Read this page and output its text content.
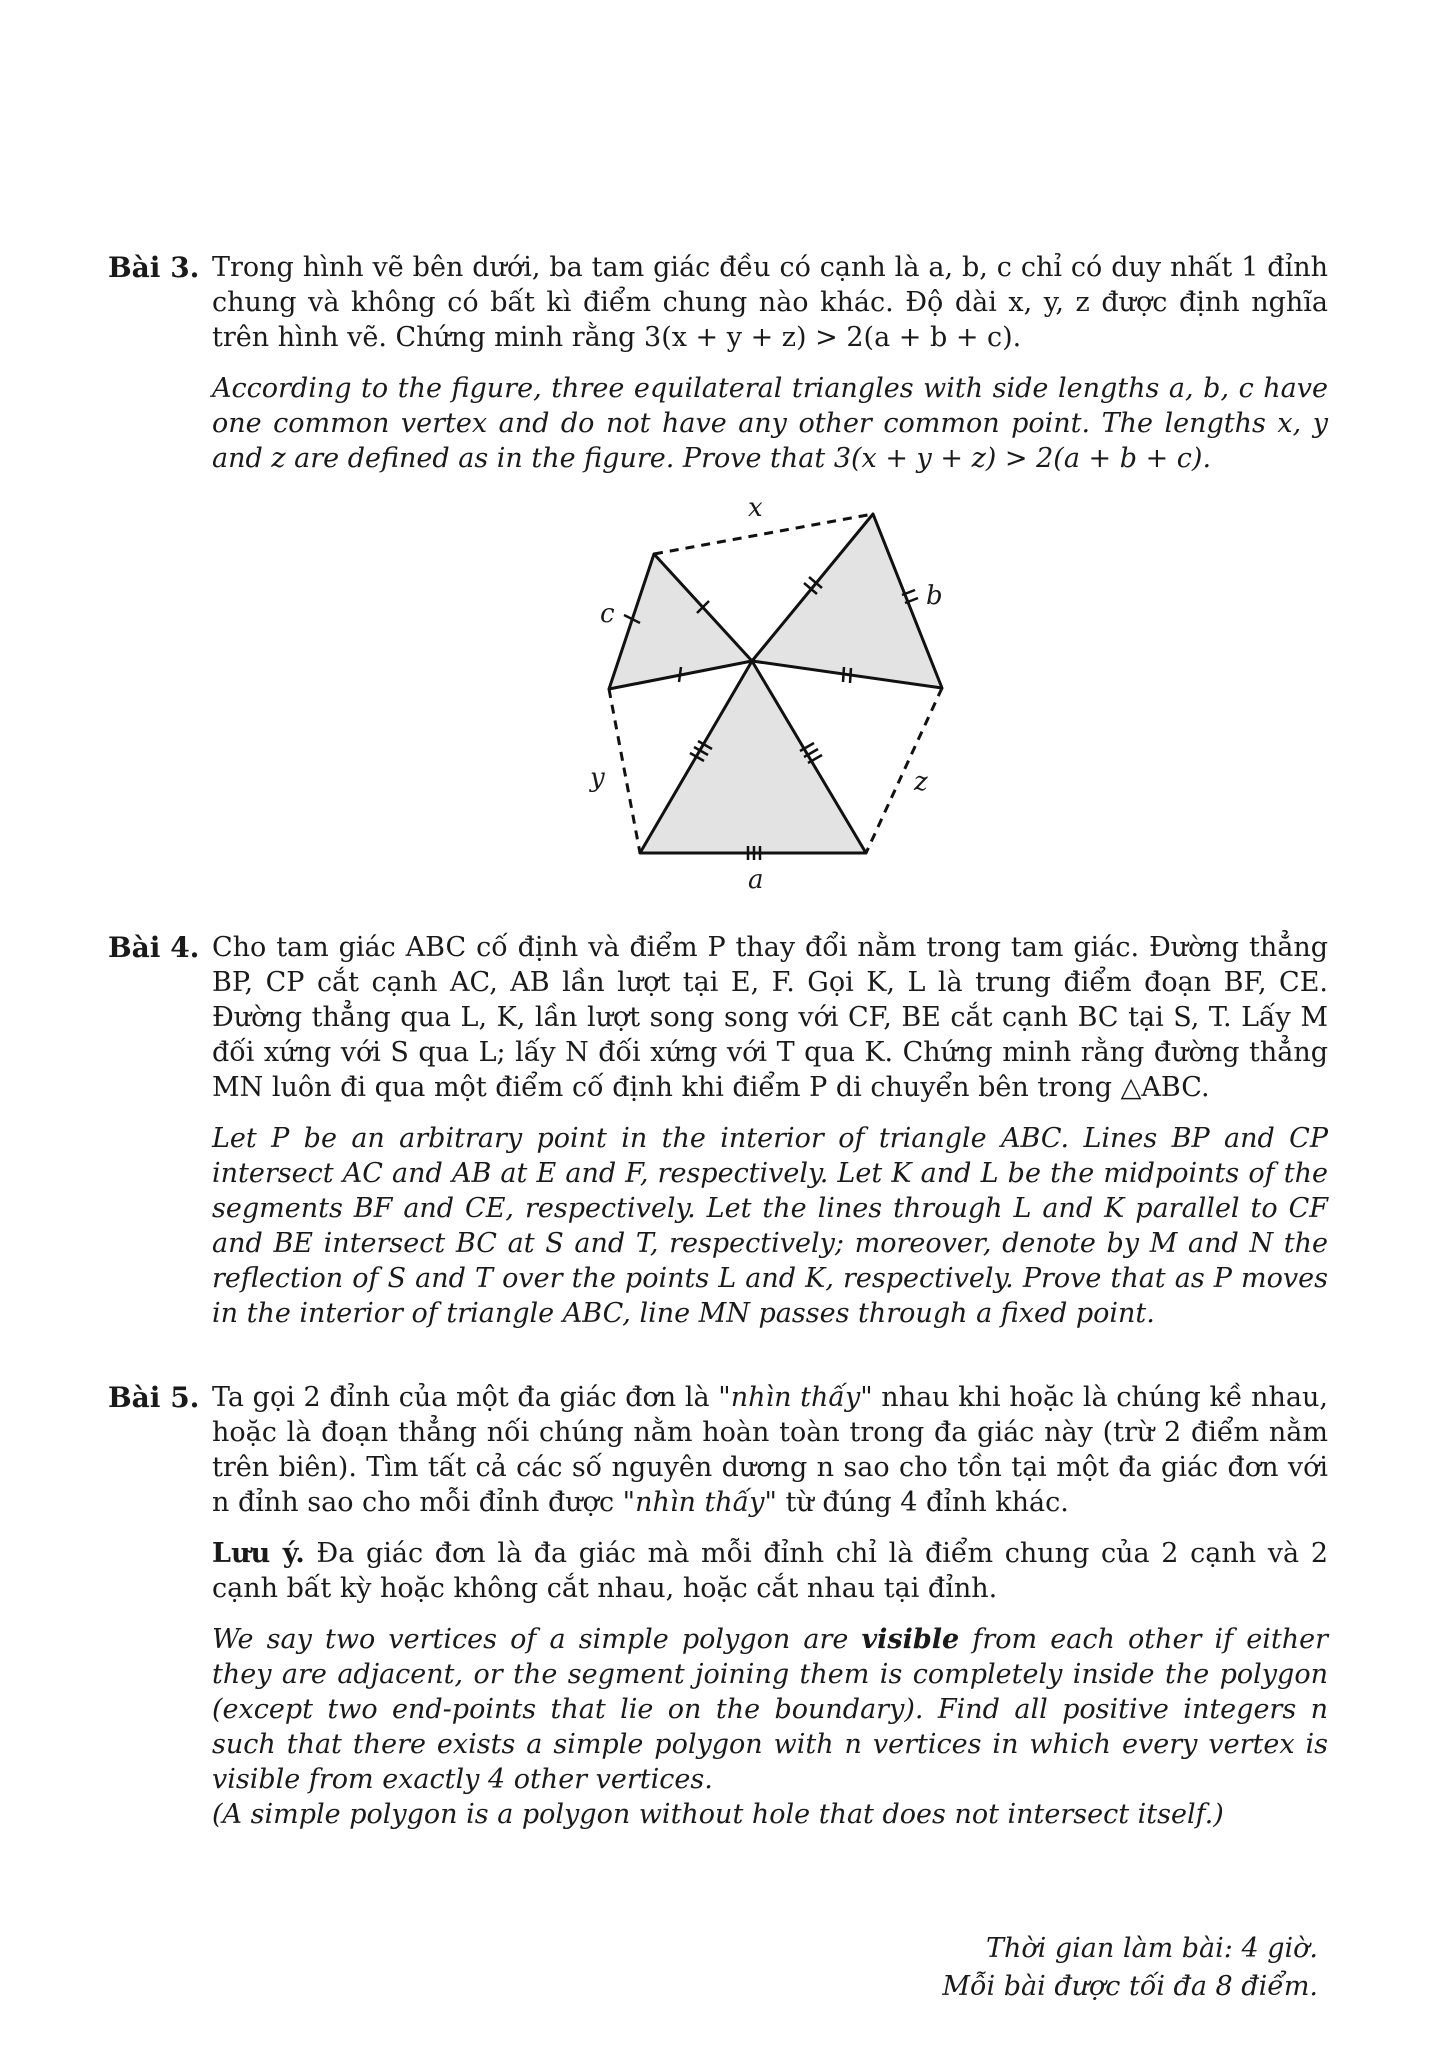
Bài 3. Trong hình vẽ bên dưới, ba tam giác đều có cạnh là a, b, c chỉ có duy nhất 1 đỉnh chung và không có bất kì điểm chung nào khác. Độ dài x, y, z được định nghĩa trên hình vẽ. Chứng minh rằng 3(x + y + z) > 2(a + b + c).

According to the figure, three equilateral triangles with side lengths a, b, c have one common vertex and do not have any other common point. The lengths x, y and z are defined as in the figure. Prove that 3(x + y + z) > 2(a + b + c).

x
c
b
y	z
a
Bài 4. Cho tam giác ABC cố định và điểm P thay đổi nằm trong tam giác. Đường thẳng BP, CP cắt cạnh AC, AB lần lượt tại E, F. Gọi K, L là trung điểm đoạn BF, CE. Đường thẳng qua L, K, lần lượt song song với CF, BE cắt cạnh BC tại S, T. Lấy M đối xứng với S qua L; lấy N đối xứng với T qua K. Chứng minh rằng đường thẳng MN luôn đi qua một điểm cố định khi điểm P di chuyển bên trong △ABC.

Let P be an arbitrary point in the interior of triangle ABC. Lines BP and CP intersect AC and AB at E and F, respectively. Let K and L be the midpoints of the segments BF and CE, respectively. Let the lines through L and K parallel to CF and BE intersect BC at S and T, respectively; moreover, denote by M and N the reflection of S and T over the points L and K, respectively. Prove that as P moves in the interior of triangle ABC, line MN passes through a fixed point.

Bài 5. Ta gọi 2 đỉnh của một đa giác đơn là "nhìn thấy" nhau khi hoặc là chúng kề nhau, hoặc là đoạn thẳng nối chúng nằm hoàn toàn trong đa giác này (trừ 2 điểm nằm trên biên). Tìm tất cả các số nguyên dương n sao cho tồn tại một đa giác đơn với n đỉnh sao cho mỗi đỉnh được "nhìn thấy" từ đúng 4 đỉnh khác.

Lưu ý. Đa giác đơn là đa giác mà mỗi đỉnh chỉ là điểm chung của 2 cạnh và 2 cạnh bất kỳ hoặc không cắt nhau, hoặc cắt nhau tại đỉnh.

We say two vertices of a simple polygon are visible from each other if either they are adjacent, or the segment joining them is completely inside the polygon (except two end-points that lie on the boundary). Find all positive integers n such that there exists a simple polygon with n vertices in which every vertex is visible from exactly 4 other vertices.
(A simple polygon is a polygon without hole that does not intersect itself.)

Thời gian làm bài: 4 giờ.
Mỗi bài được tối đa 8 điểm.
